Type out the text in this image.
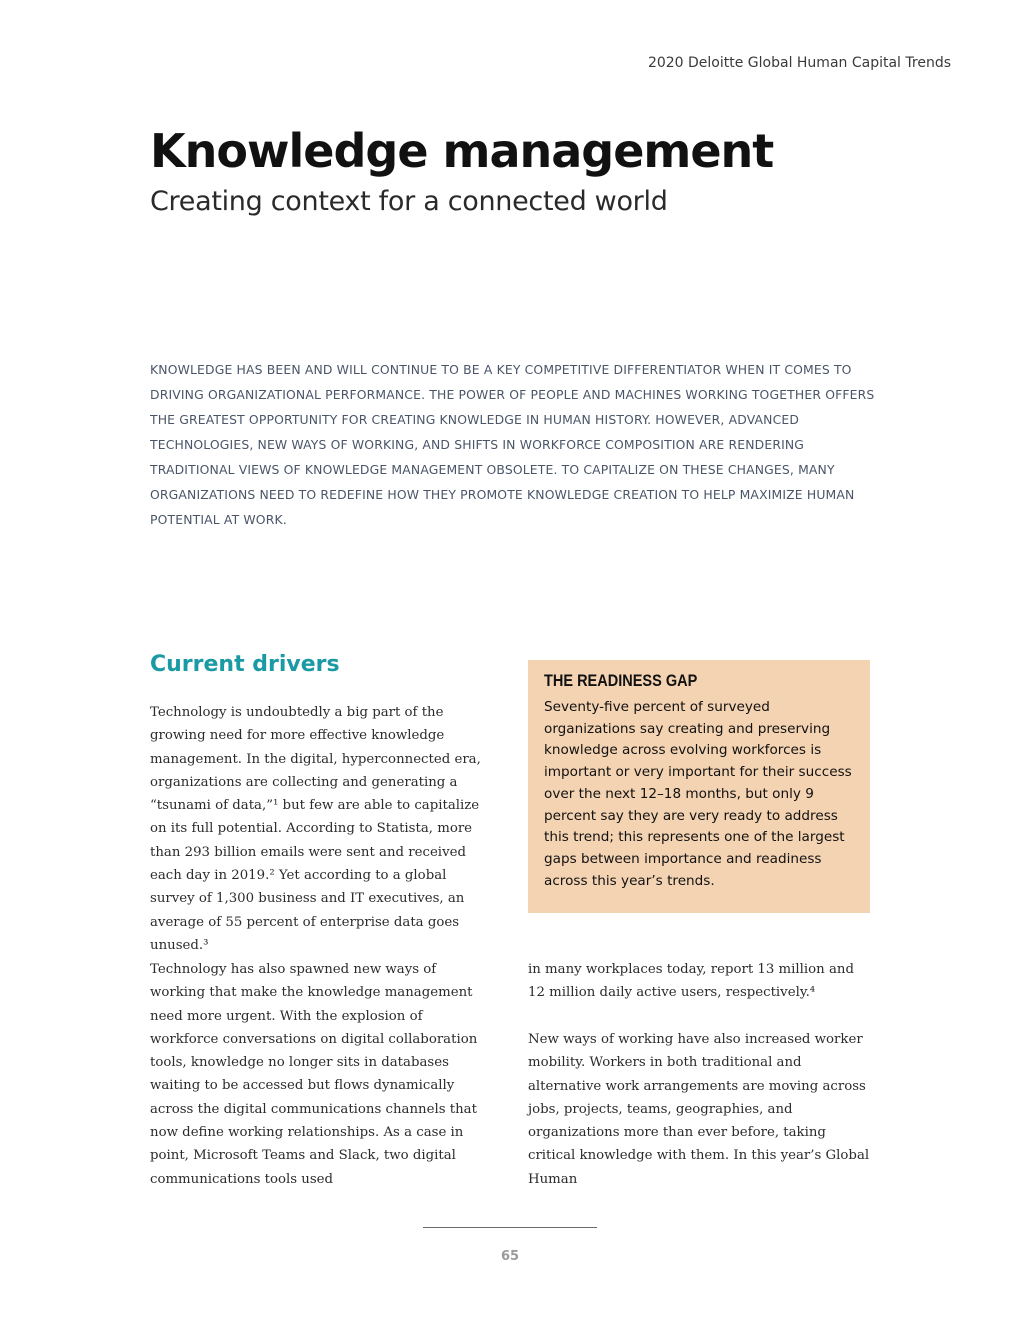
2020 Deloitte Global Human Capital Trends
Knowledge management
Creating context for a connected world

KNOWLEDGE HAS BEEN AND WILL CONTINUE TO BE A KEY COMPETITIVE DIFFERENTIATOR WHEN IT COMES TO DRIVING ORGANIZATIONAL PERFORMANCE. THE POWER OF PEOPLE AND MACHINES WORKING TOGETHER OFFERS THE GREATEST OPPORTUNITY FOR CREATING KNOWLEDGE IN HUMAN HISTORY. HOWEVER, ADVANCED TECHNOLOGIES, NEW WAYS OF WORKING, AND SHIFTS IN WORKFORCE COMPOSITION ARE RENDERING TRADITIONAL VIEWS OF KNOWLEDGE MANAGEMENT OBSOLETE. TO CAPITALIZE ON THESE CHANGES, MANY ORGANIZATIONS NEED TO REDEFINE HOW THEY PROMOTE KNOWLEDGE CREATION TO HELP MAXIMIZE HUMAN POTENTIAL AT WORK.

Current drivers

Technology is undoubtedly a big part of the growing need for more effective knowledge management. In the digital, hyperconnected era, organizations are collecting and generating a “tsunami of data,”¹ but few are able to capitalize on its full potential. According to Statista, more than 293 billion emails were sent and received each day in 2019.² Yet according to a global survey of 1,300 business and IT executives, an average of 55 percent of enterprise data goes unused.³

Technology has also spawned new ways of working that make the knowledge management need more urgent. With the explosion of workforce conversations on digital collaboration tools, knowledge no longer sits in databases waiting to be accessed but flows dynamically across the digital communications channels that now define working relationships. As a case in point, Microsoft Teams and Slack, two digital communications tools used

in many workplaces today, report 13 million and 12 million daily active users, respectively.⁴

New ways of working have also increased worker mobility. Workers in both traditional and alternative work arrangements are moving across jobs, projects, teams, geographies, and organizations more than ever before, taking critical knowledge with them. In this year’s Global Human

THE READINESS GAP

Seventy-five percent of surveyed organizations say creating and preserving knowledge across evolving workforces is important or very important for their success over the next 12–18 months, but only 9 percent say they are very ready to address this trend; this represents one of the largest gaps between importance and readiness across this year’s trends.

65
